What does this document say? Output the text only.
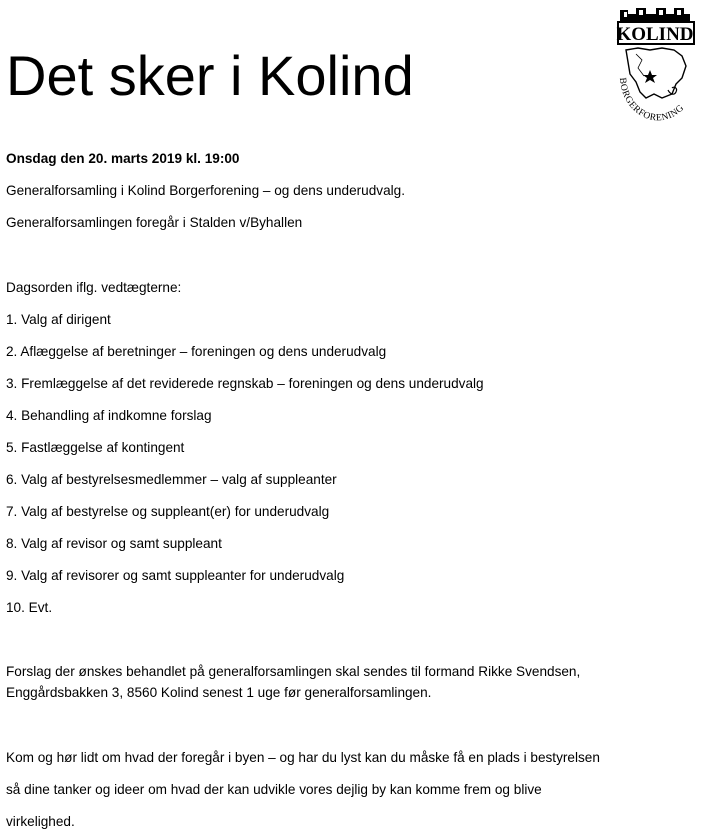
Det sker i Kolind
KOLIND
BORGERFORENING
Onsdag den 20. marts 2019 kl. 19:00
Generalforsamling i Kolind Borgerforening – og dens underudvalg.
Generalforsamlingen foregår i Stalden v/Byhallen
Dagsorden iflg. vedtægterne:
1. Valg af dirigent
2. Aflæggelse af beretninger – foreningen og dens underudvalg
3. Fremlæggelse af det reviderede regnskab – foreningen og dens underudvalg
4. Behandling af indkomne forslag
5. Fastlæggelse af kontingent
6. Valg af bestyrelsesmedlemmer – valg af suppleanter
7. Valg af bestyrelse og suppleant(er) for underudvalg
8. Valg af revisor og samt suppleant
9. Valg af revisorer og samt suppleanter for underudvalg
10. Evt.
Forslag der ønskes behandlet på generalforsamlingen skal sendes til formand Rikke Svendsen,
Enggårdsbakken 3, 8560 Kolind senest 1 uge før generalforsamlingen.
Kom og hør lidt om hvad der foregår i byen – og har du lyst kan du måske få en plads i bestyrelsen
så dine tanker og ideer om hvad der kan udvikle vores dejlig by kan komme frem og blive
virkelighed.
